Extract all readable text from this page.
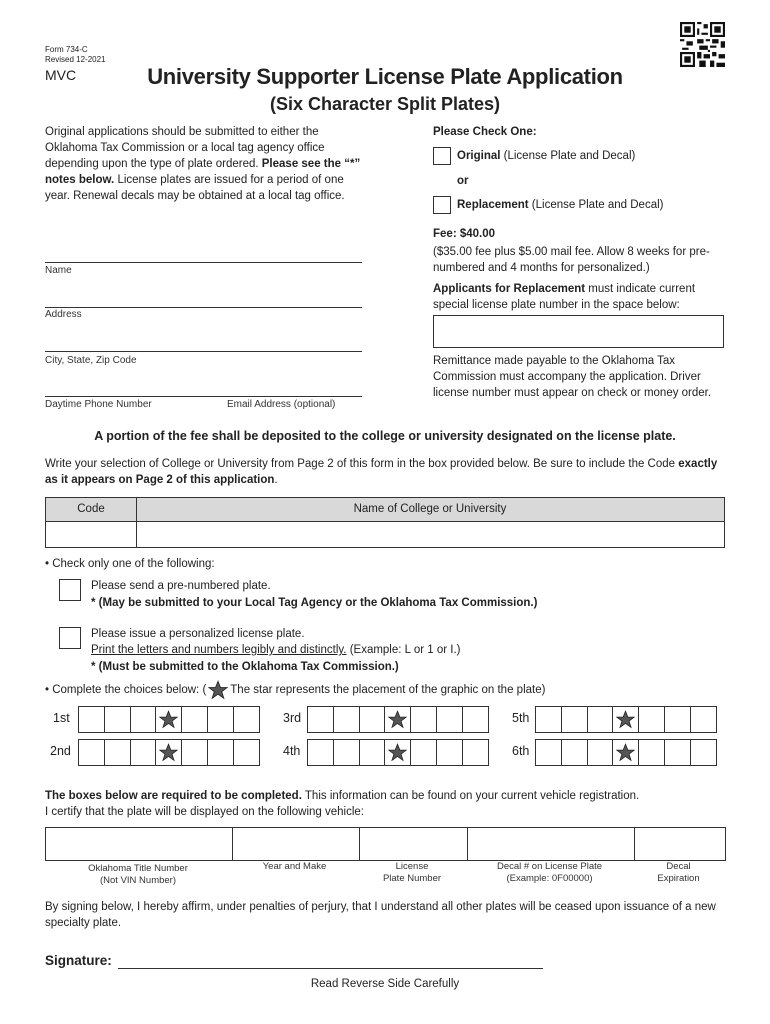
Form 734-C
Revised 12-2021
MVC	University Supporter License Plate Application
(Six Character Split Plates)
Original applications should be submitted to either the Oklahoma Tax Commission or a local tag agency office depending upon the type of plate ordered. Please see the “*” notes below. License plates are issued for a period of one year. Renewal decals may be obtained at a local tag office.
Name
Address
City, State, Zip Code
Daytime Phone Number	Email Address (optional)
Please Check One:
Original (License Plate and Decal)
or
Replacement (License Plate and Decal)
Fee: $40.00
($35.00 fee plus $5.00 mail fee. Allow 8 weeks for pre-numbered and 4 months for personalized.)
Applicants for Replacement must indicate current special license plate number in the space below:
Remittance made payable to the Oklahoma Tax Commission must accompany the application. Driver license number must appear on check or money order.
A portion of the fee shall be deposited to the college or university designated on the license plate.
Write your selection of College or University from Page 2 of this form in the box provided below. Be sure to include the Code exactly as it appears on Page 2 of this application.
Code	Name of College or University
• Check only one of the following:
Please send a pre-numbered plate.
* (May be submitted to your Local Tag Agency or the Oklahoma Tax Commission.)
Please issue a personalized license plate.
Print the letters and numbers legibly and distinctly. (Example: L or 1 or I.)
* (Must be submitted to the Oklahoma Tax Commission.)
• Complete the choices below: ( The star represents the placement of the graphic on the plate)
1st
2nd
3rd
4th
5th
6th
The boxes below are required to be completed. This information can be found on your current vehicle registration.
I certify that the plate will be displayed on the following vehicle:
Oklahoma Title Number
(Not VIN Number)
Year and Make	License
Plate Number
Decal # on License Plate
(Example: 0F00000)
Decal
Expiration
By signing below, I hereby affirm, under penalties of perjury, that I understand all other plates will be ceased upon issuance of a new specialty plate.
Signature:
Read Reverse Side Carefully
